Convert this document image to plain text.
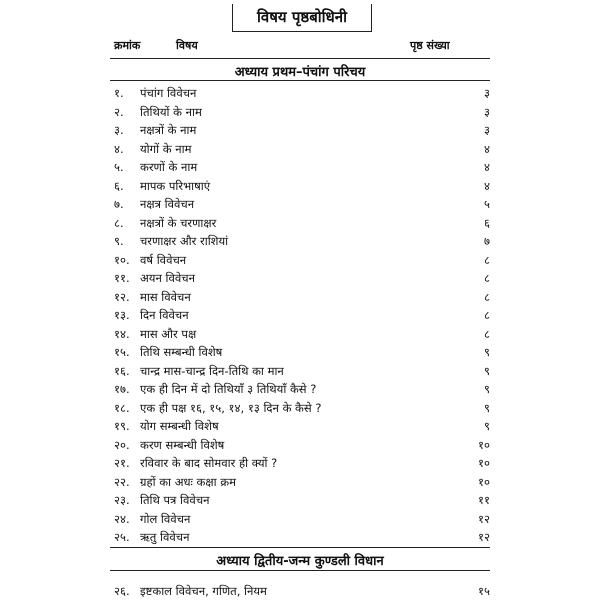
विषय पृष्ठबोधिनी
क्रमांक	विषय	पृष्ठ संख्या
अध्याय प्रथम–पंचांग परिचय
१. पंचांग विवेचन	३
२. तिथियों के नाम	३
३. नक्षत्रों के नाम	३
४. योगों के नाम	४
५. करणों के नाम	४
६. मापक परिभाषाएं	४
७. नक्षत्र विवेचन	५
८. नक्षत्रों के चरणाक्षर	६
९. चरणाक्षर और राशियां	७
१०. वर्ष विवेचन	८
११. अयन विवेचन	८
१२. मास विवेचन	८
१३. दिन विवेचन	८
१४. मास और पक्ष	८
१५. तिथि सम्बन्धी विशेष	९
१६. चान्द्र मास-चान्द्र दिन-तिथि का मान	९
१७. एक ही दिन में दो तिथियाँ ३ तिथियाँ कैसे ?	९
१८. एक ही पक्ष १६, १५, १४, १३ दिन के कैसे ?	९
१९. योग सम्बन्धी विशेष	९
२०. करण सम्बन्धी विशेष	१०
२१. रविवार के बाद सोमवार ही क्यों ?	१०
२२. ग्रहों का अधः कक्षा क्रम	१०
२३. तिथि पत्र विवेचन	११
२४. गोल विवेचन	१२
२५. ऋतु विवेचन	१२
अध्याय द्वितीय-जन्म कुण्डली विधान
२६. इष्टकाल विवेचन, गणित, नियम	१५
